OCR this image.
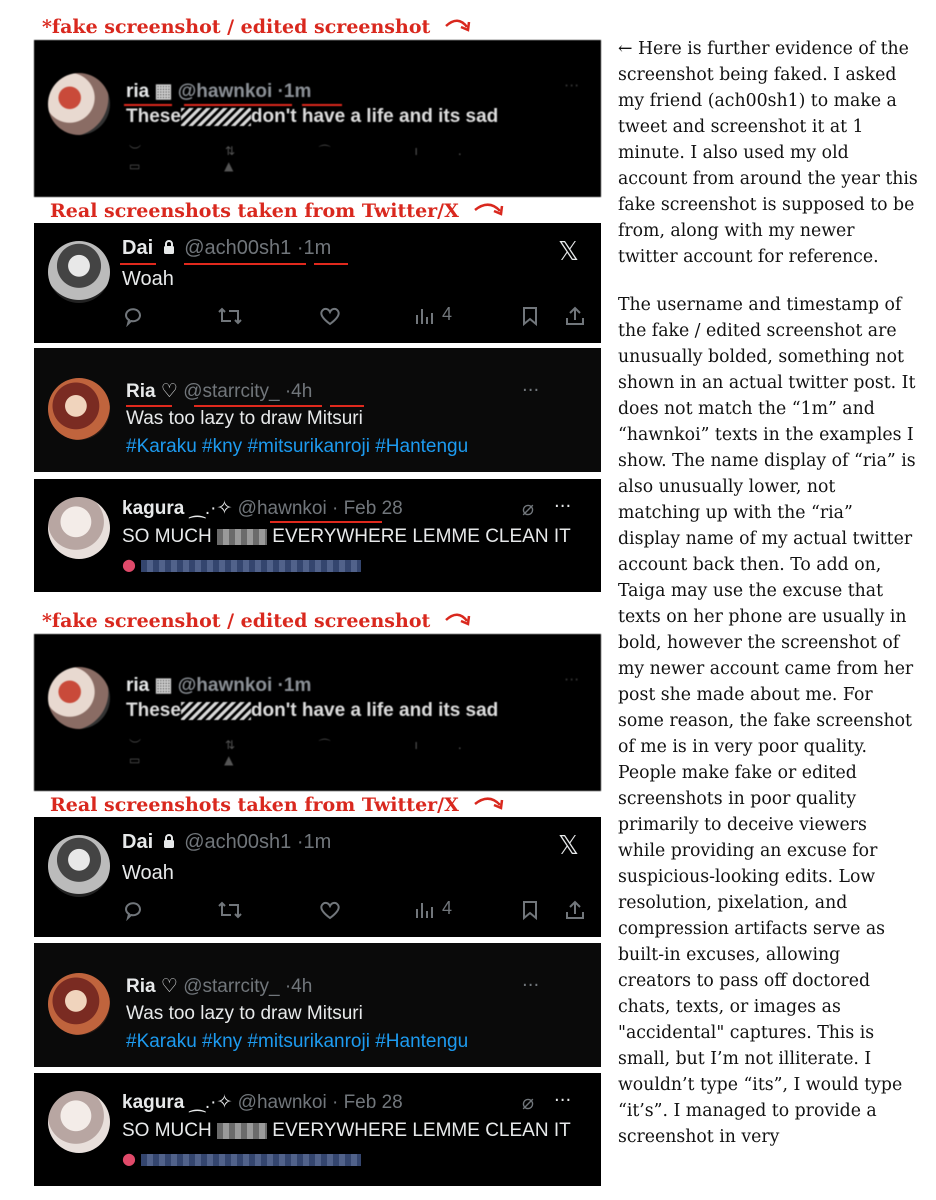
*fake screenshot / edited screenshot
ria ▦ @hawnkoi ·1m
These	don't have a life and its sad
︶ ⇅ ⌒ ı. ▭ ▲
···
Real screenshots taken from Twitter/X
Dai @ach00sh1 ·1m
Woah
𝕏
4
Ria ♡ @starrcity_ ·4h	···
Was too lazy to draw Mitsuri
#Karaku #kny #mitsurikanroji #Hantengu
kagura ⁔.·✧ @hawnkoi · Feb 28	⌀ ···
SO MUCH	EVERYWHERE LEMME CLEAN IT
●
*fake screenshot / edited screenshot
ria ▦ @hawnkoi ·1m
These	don't have a life and its sad
︶ ⇅ ⌒ ı. ▭ ▲
···
Real screenshots taken from Twitter/X
Dai @ach00sh1 ·1m
Woah
𝕏
4
Ria ♡ @starrcity_ ·4h	···
Was too lazy to draw Mitsuri
#Karaku #kny #mitsurikanroji #Hantengu
kagura ⁔.·✧ @hawnkoi · Feb 28	⌀ ···
SO MUCH	EVERYWHERE LEMME CLEAN IT
●

← Here is further evidence of the screenshot being faked. I asked my friend (ach00sh1) to make a tweet and screenshot it at 1 minute. I also used my old account from around the year this fake screenshot is supposed to be from, along with my newer twitter account for reference.

The username and timestamp of the fake / edited screenshot are unusually bolded, something not shown in an actual twitter post. It does not match the “1m” and “hawnkoi” texts in the examples I show. The name display of “ria” is also unusually lower, not matching up with the “ria” display name of my actual twitter account back then. To add on, Taiga may use the excuse that texts on her phone are usually in bold, however the screenshot of my newer account came from her post she made about me. For some reason, the fake screenshot of me is in very poor quality. People make fake or edited screenshots in poor quality primarily to deceive viewers while providing an excuse for suspicious-looking edits. Low resolution, pixelation, and compression artifacts serve as built-in excuses, allowing creators to pass off doctored chats, texts, or images as "accidental" captures. This is small, but I’m not illiterate. I wouldn’t type “its”, I would type “it’s”. I managed to provide a screenshot in very
